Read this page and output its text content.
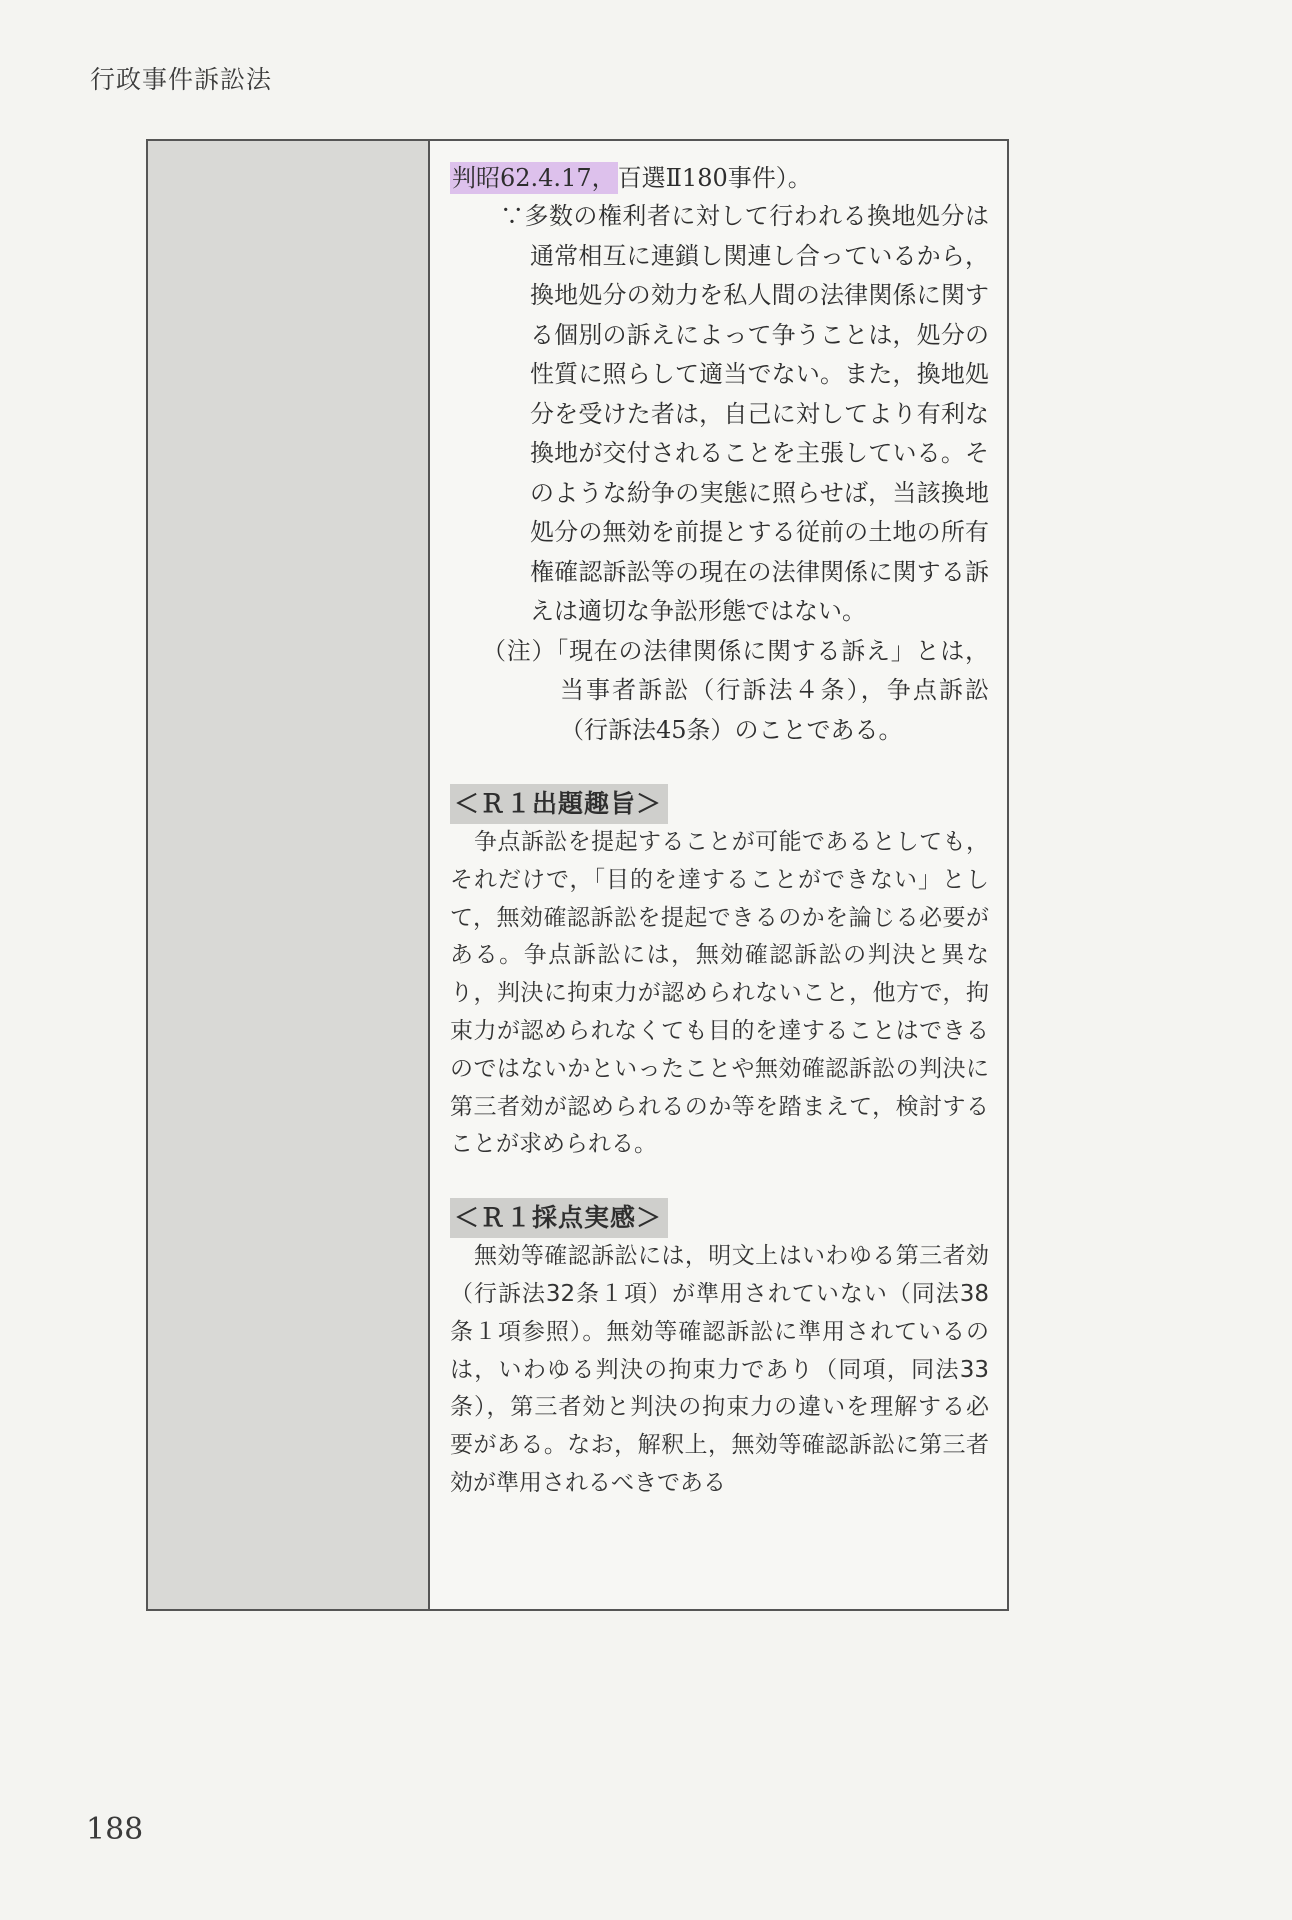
行政事件訴訟法

判昭62.4.17，百選Ⅱ180事件）。

∵多数の権利者に対して行われる換地処分は通常相互に連鎖し関連し合っているから，換地処分の効力を私人間の法律関係に関する個別の訴えによって争うことは，処分の性質に照らして適当でない。また，換地処分を受けた者は，自己に対してより有利な換地が交付されることを主張している。そのような紛争の実態に照らせば，当該換地処分の無効を前提とする従前の土地の所有権確認訴訟等の現在の法律関係に関する訴えは適切な争訟形態ではない。

（注）「現在の法律関係に関する訴え」とは，当事者訴訟（行訴法４条），争点訴訟（行訴法45条）のことである。

＜Ｒ１出題趣旨＞

争点訴訟を提起することが可能であるとしても，それだけで，「目的を達することができない」として，無効確認訴訟を提起できるのかを論じる必要がある。争点訴訟には，無効確認訴訟の判決と異なり，判決に拘束力が認められないこと，他方で，拘束力が認められなくても目的を達することはできるのではないかといったことや無効確認訴訟の判決に第三者効が認められるのか等を踏まえて，検討することが求められる。

＜Ｒ１採点実感＞

無効等確認訴訟には，明文上はいわゆる第三者効（行訴法32条１項）が準用されていない（同法38条１項参照）。無効等確認訴訟に準用されているのは，いわゆる判決の拘束力であり（同項，同法33条），第三者効と判決の拘束力の違いを理解する必要がある。なお，解釈上，無効等確認訴訟に第三者効が準用されるべきである

188
